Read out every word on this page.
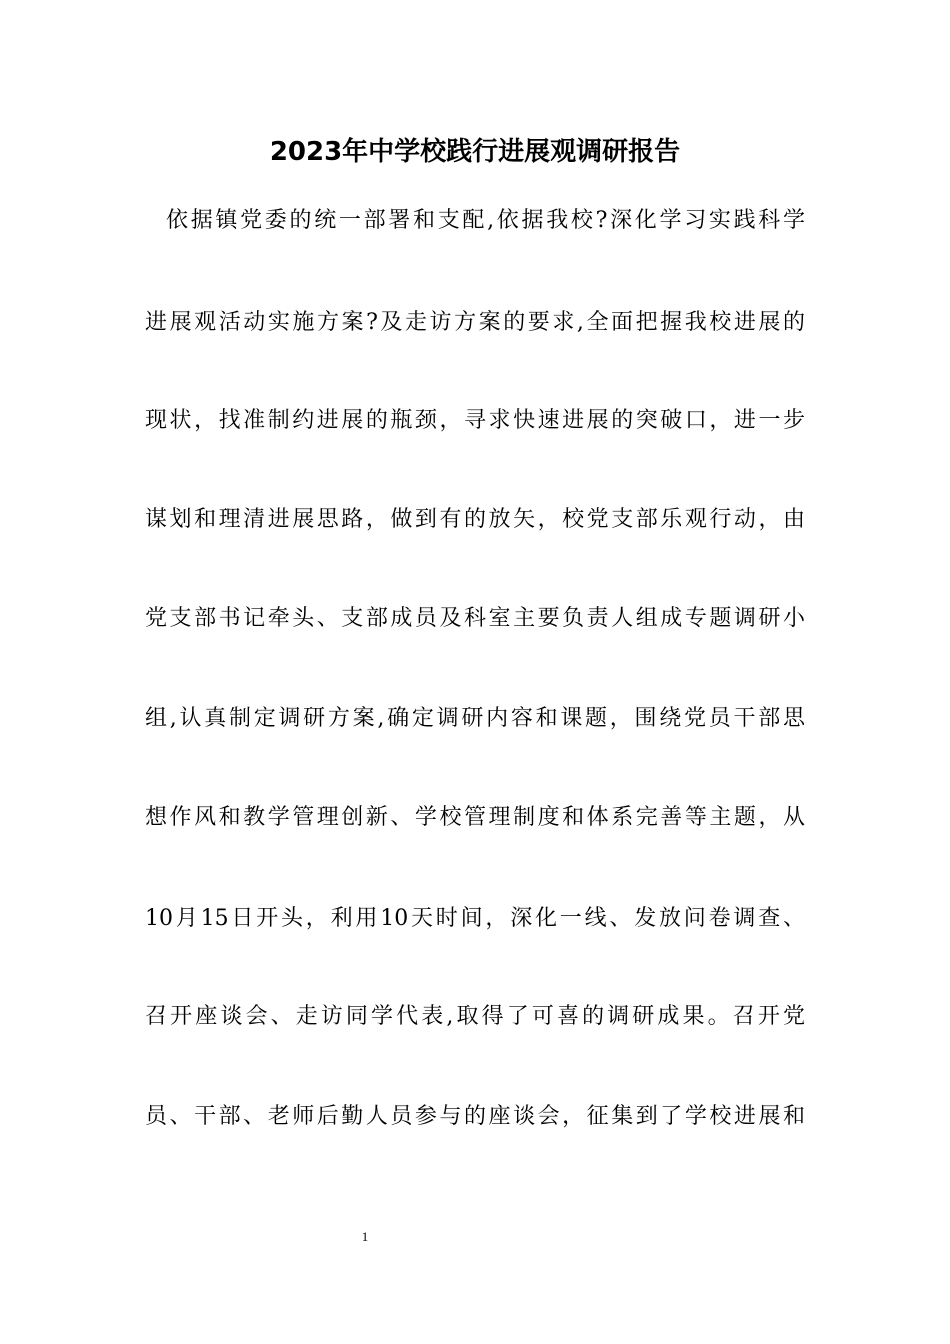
2023年中学校践行进展观调研报告
依据镇党委的统一部署和支配,依据我校?深化学习实践科学
进展观活动实施方案?及走访方案的要求,全面把握我校进展的
现状，找准制约进展的瓶颈，寻求快速进展的突破口，进一步
谋划和理清进展思路，做到有的放矢，校党支部乐观行动，由
党支部书记牵头、支部成员及科室主要负责人组成专题调研小
组,认真制定调研方案,确定调研内容和课题，围绕党员干部思
想作风和教学管理创新、学校管理制度和体系完善等主题，从
10月15日开头，利用10天时间，深化一线、发放问卷调查、
召开座谈会、走访同学代表,取得了可喜的调研成果。召开党
员、干部、老师后勤人员参与的座谈会，征集到了学校进展和
1
